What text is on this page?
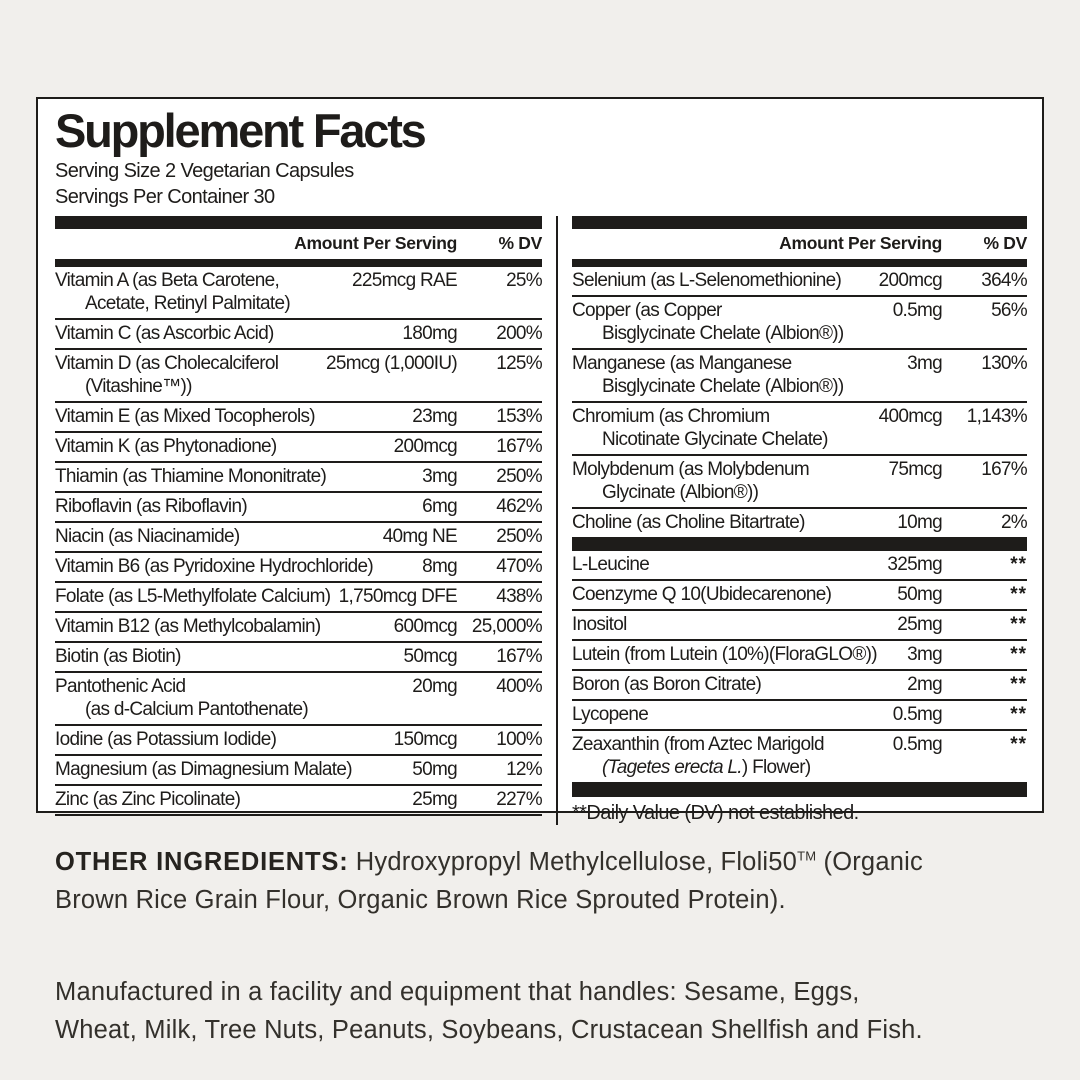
Supplement Facts
Serving Size 2 Vegetarian Capsules
Servings Per Container 30
Amount Per Serving	% DV
Vitamin A (as Beta Carotene,
Acetate, Retinyl Palmitate)
225mcg RAE	25%
Vitamin C (as Ascorbic Acid)	180mg	200%
Vitamin D (as Cholecalciferol
(Vitashine™))
25mcg (1,000IU)	125%
Vitamin E (as Mixed Tocopherols)	23mg	153%
Vitamin K (as Phytonadione)	200mcg	167%
Thiamin (as Thiamine Mononitrate)	3mg	250%
Riboflavin (as Riboflavin)	6mg	462%
Niacin (as Niacinamide)	40mg NE	250%
Vitamin B6 (as Pyridoxine Hydrochloride)	8mg	470%
Folate (as L5-Methylfolate Calcium) 1,750mcg DFE	438%
Vitamin B12 (as Methylcobalamin)	600mcg 25,000%
Biotin (as Biotin)	50mcg	167%
Pantothenic Acid
(as d-Calcium Pantothenate)
20mg	400%
Iodine (as Potassium Iodide)	150mcg	100%
Magnesium (as Dimagnesium Malate)	50mg	12%
Zinc (as Zinc Picolinate)	25mg	227%
Amount Per Serving	% DV
Selenium (as L-Selenomethionine)	200mcg	364%
Copper (as Copper
Bisglycinate Chelate (Albion®))
0.5mg	56%
Manganese (as Manganese
Bisglycinate Chelate (Albion®))
3mg	130%
Chromium (as Chromium
Nicotinate Glycinate Chelate)
400mcg	1,143%
Molybdenum (as Molybdenum
Glycinate (Albion®))
75mcg	167%
Choline (as Choline Bitartrate)	10mg	2%
L-Leucine	325mg	**
Coenzyme Q 10(Ubidecarenone)	50mg	**
Inositol	25mg	**
Lutein (from Lutein (10%)(FloraGLO®))	3mg	**
Boron (as Boron Citrate)	2mg	**
Lycopene	0.5mg	**
Zeaxanthin (from Aztec Marigold
(Tagetes erecta L.) Flower)
0.5mg	**
**Daily Value (DV) not established.
OTHER INGREDIENTS: Hydroxypropyl Methylcellulose, Floli50™ (Organic
Brown Rice Grain Flour, Organic Brown Rice Sprouted Protein).
Manufactured in a facility and equipment that handles: Sesame, Eggs,
Wheat, Milk, Tree Nuts, Peanuts, Soybeans, Crustacean Shellfish and Fish.
